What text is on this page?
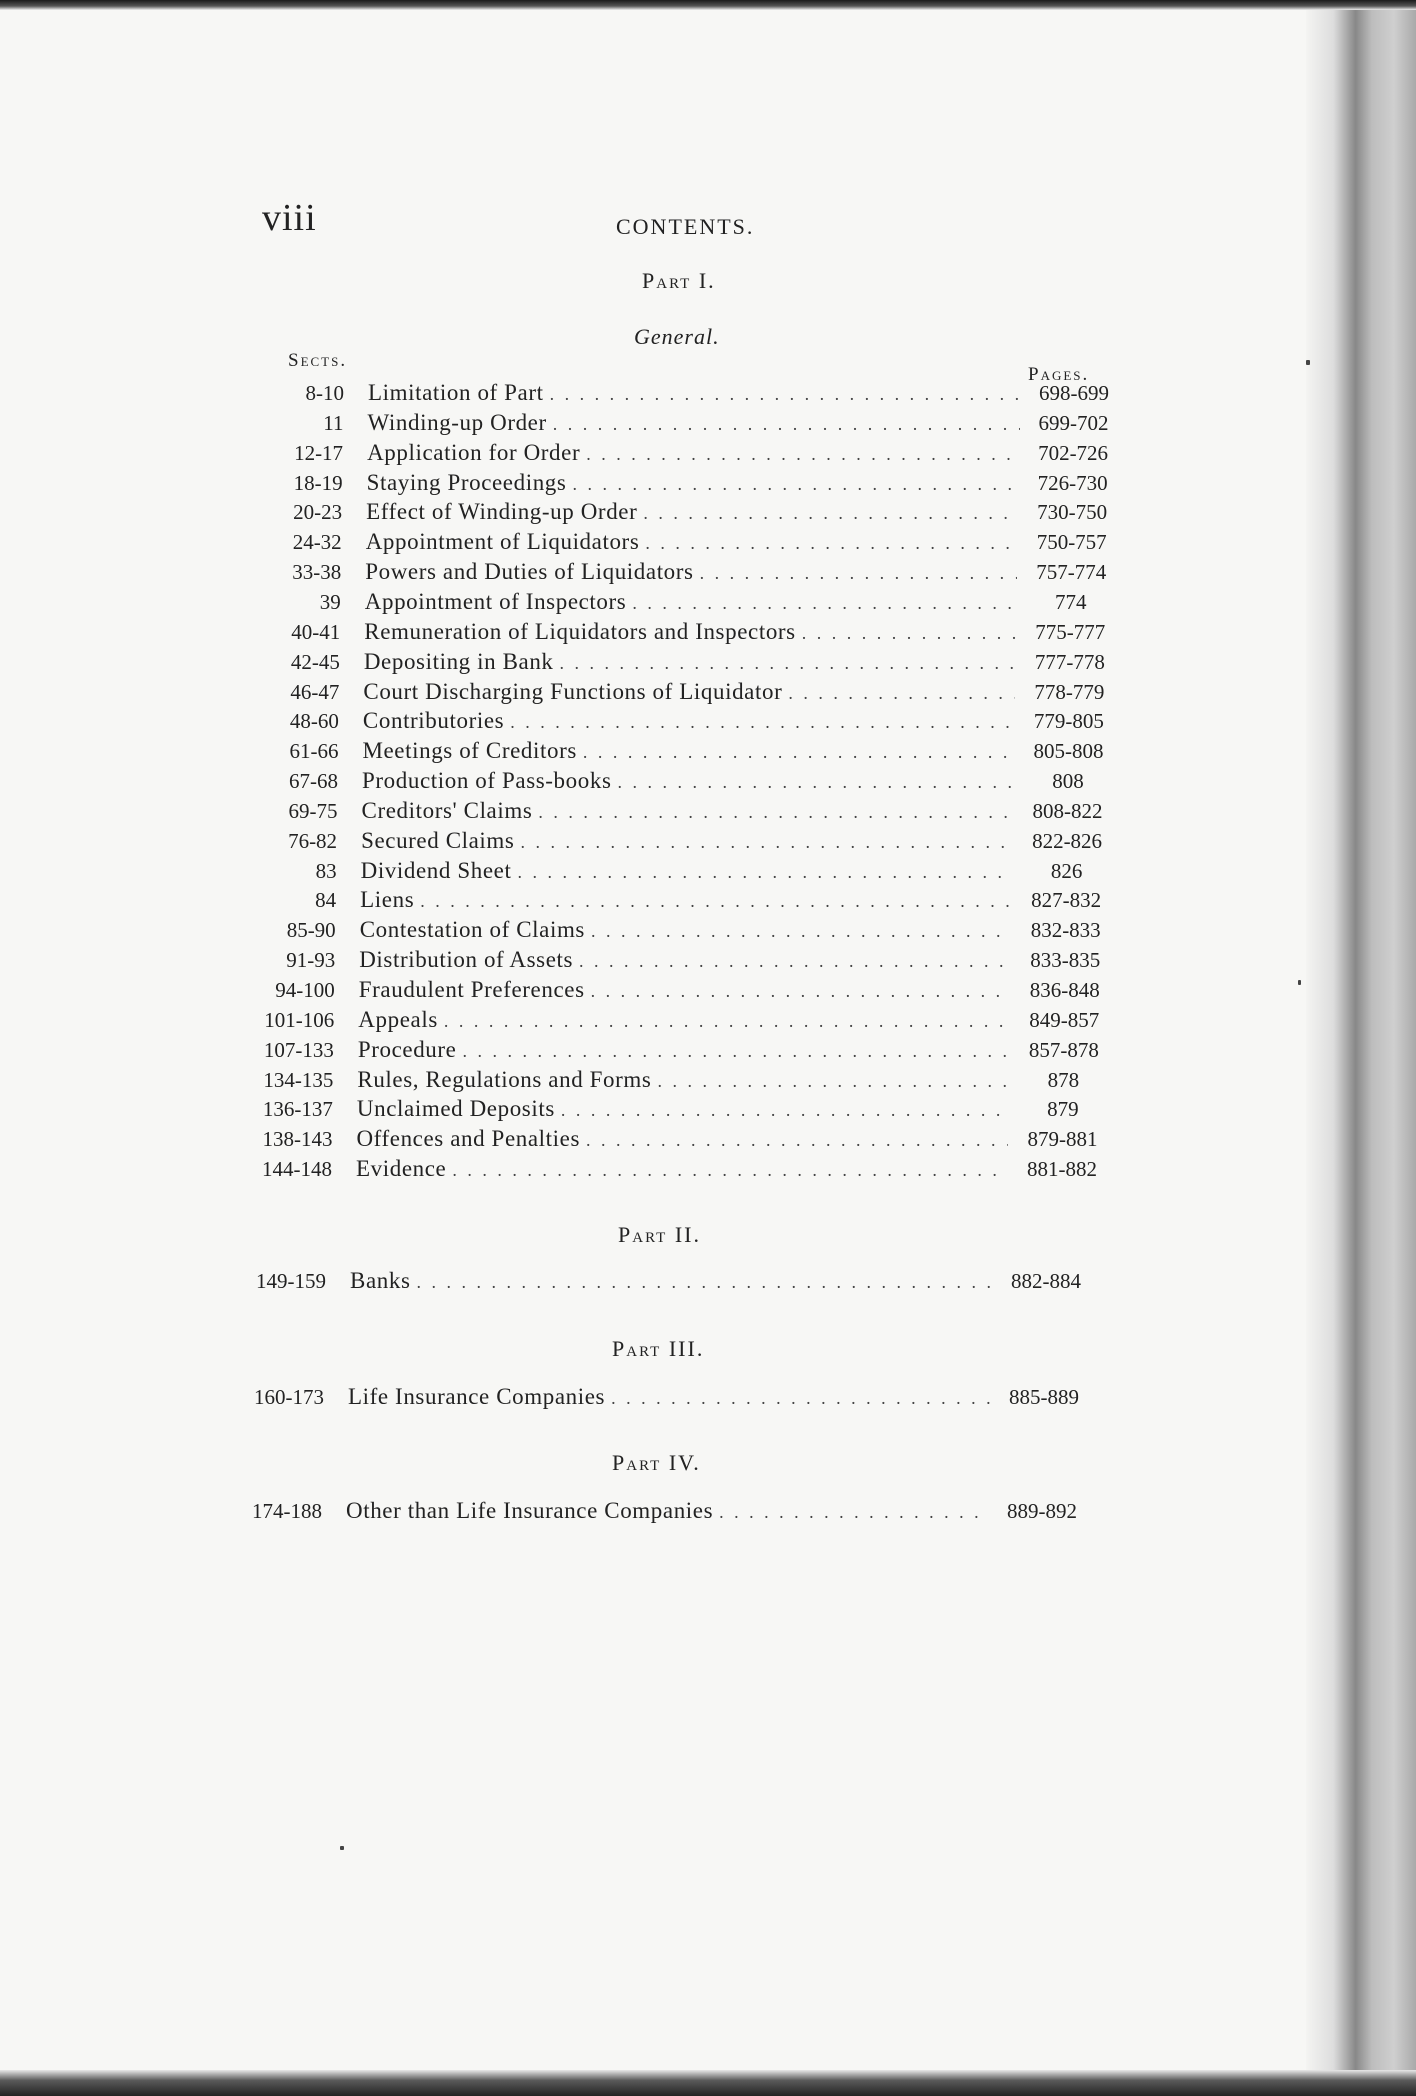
viii	CONTENTS.
Part I.
General.
Sects.
Pages.
8-10 Limitation of Part . . .	698-699
11 Winding-up Order . . .	699-702
12-17 Application for Order . . .	702-726
18-19 Staying Proceedings . . .	726-730
20-23 Effect of Winding-up Order . . .	730-750
24-32 Appointment of Liquidators . . .	750-757
33-38 Powers and Duties of Liquidators . . .	757-774
39 Appointment of Inspectors . . .	774
40-41 Remuneration of Liquidators and Inspectors . . .	775-777
42-45 Depositing in Bank . . .	777-778
46-47 Court Discharging Functions of Liquidator . . .	778-779
48-60 Contributories . . .	779-805
61-66 Meetings of Creditors . . .	805-808
67-68 Production of Pass-books . . .	808
69-75 Creditors' Claims . . .	808-822
76-82 Secured Claims . . .	822-826
83 Dividend Sheet . . .	826
84 Liens . . .	827-832
85-90 Contestation of Claims . . .	832-833
91-93 Distribution of Assets . . .	833-835
94-100 Fraudulent Preferences . . .	836-848
101-106 Appeals . . .	849-857
107-133 Procedure . . .	857-878
134-135 Rules, Regulations and Forms . . .	878
136-137 Unclaimed Deposits . . .	879
138-143 Offences and Penalties . . .	879-881
144-148 Evidence . . .	881-882
Part II.
149-159 Banks . . .	882-884
Part III.
160-173 Life Insurance Companies . . .	885-889
Part IV.
174-188 Other than Life Insurance Companies . . .	889-892
